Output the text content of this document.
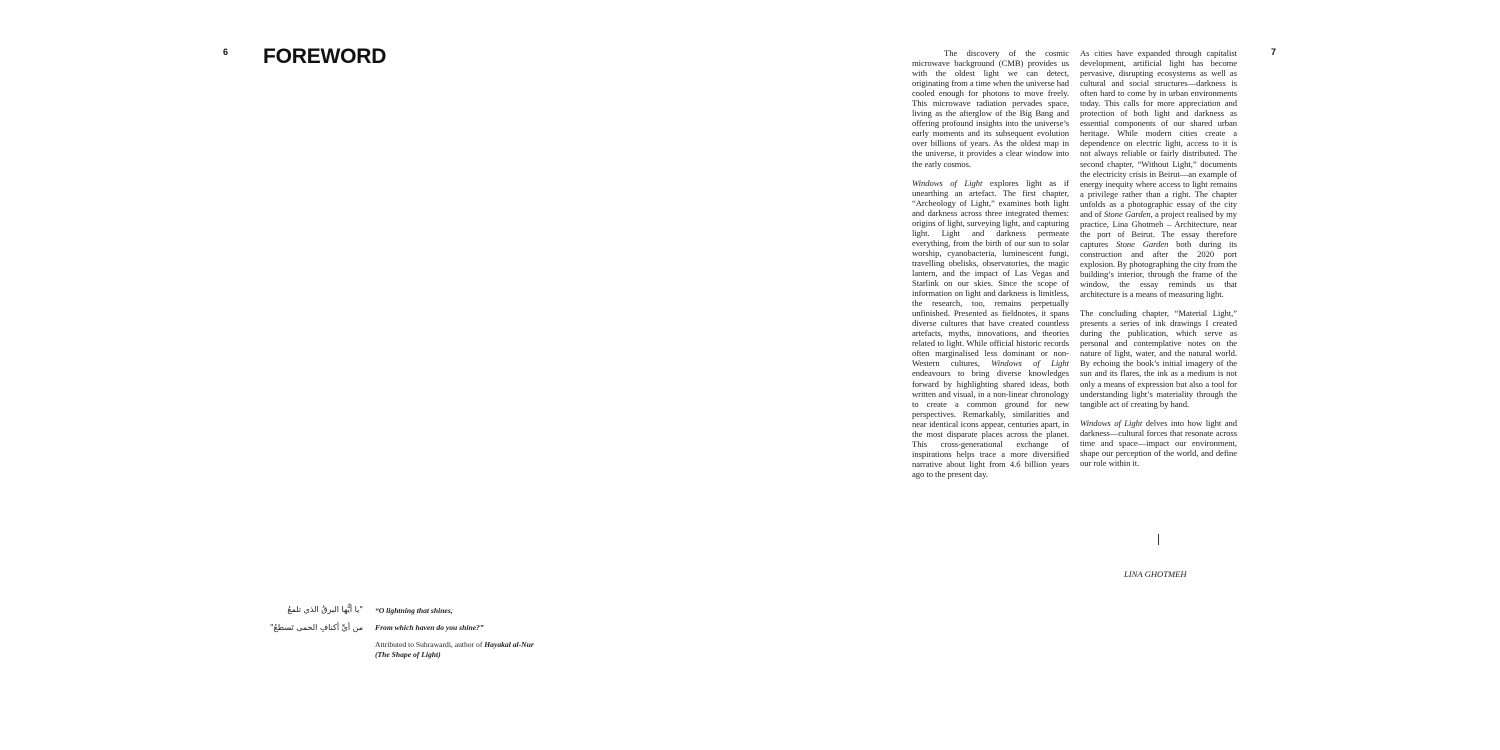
6 FOREWORD
"يا أيُّها البرقُ الذي تلمعُ
من أيِّ أكنافِ الحمى تَسطعُ"
“O lightning that shines,
From which haven do you shine?”
Attributed to Suhrawardi, author of Hayakal al-Nur
(The Shape of Light)
7

The discovery of the cosmic microwave background (CMB) provides us with the oldest light we can detect, originating from a time when the universe had cooled enough for photons to move freely. This microwave radiation pervades space, living as the afterglow of the Big Bang and offering profound insights into the universe’s early moments and its subsequent evolution over billions of years. As the oldest map in the universe, it provides a clear window into the early cosmos.

Windows of Light explores light as if unearthing an artefact. The first chapter, “Archeology of Light,” examines both light and darkness across three integrated themes: origins of light, surveying light, and capturing light. Light and darkness permeate everything, from the birth of our sun to solar worship, cyanobacteria, luminescent fungi, travelling obelisks, observatories, the magic lantern, and the impact of Las Vegas and Starlink on our skies. Since the scope of information on light and darkness is limitless, the research, too, remains perpetually unfinished. Presented as fieldnotes, it spans diverse cultures that have created countless artefacts, myths, innovations, and theories related to light. While official historic records often marginalised less dominant or non-Western cultures, Windows of Light endeavours to bring diverse knowledges forward by highlighting shared ideas, both written and visual, in a non-linear chronology to create a common ground for new perspectives. Remarkably, similarities and near identical icons appear, centuries apart, in the most disparate places across the planet. This cross-generational exchange of inspirations helps trace a more diversified narrative about light from 4.6 billion years ago to the present day.

As cities have expanded through capitalist development, artificial light has become pervasive, disrupting ecosystems as well as cultural and social structures—darkness is often hard to come by in urban environments today. This calls for more appreciation and protection of both light and darkness as essential components of our shared urban heritage. While modern cities create a dependence on electric light, access to it is not always reliable or fairly distributed. The second chapter, “Without Light,” documents the electricity crisis in Beirut—an example of energy inequity where access to light remains a privilege rather than a right. The chapter unfolds as a photographic essay of the city and of Stone Garden, a project realised by my practice, Lina Ghotmeh – Architecture, near the port of Beirut. The essay therefore captures Stone Garden both during its construction and after the 2020 port explosion. By photographing the city from the building’s interior, through the frame of the window, the essay reminds us that architecture is a means of measuring light.

The concluding chapter, “Material Light,” presents a series of ink drawings I created during the publication, which serve as personal and contemplative notes on the nature of light, water, and the natural world. By echoing the book’s initial imagery of the sun and its flares, the ink as a medium is not only a means of expression but also a tool for understanding light’s materiality through the tangible act of creating by hand.

Windows of Light delves into how light and darkness—cultural forces that resonate across time and space—impact our environment, shape our perception of the world, and define our role within it.

LINA GHOTMEH
